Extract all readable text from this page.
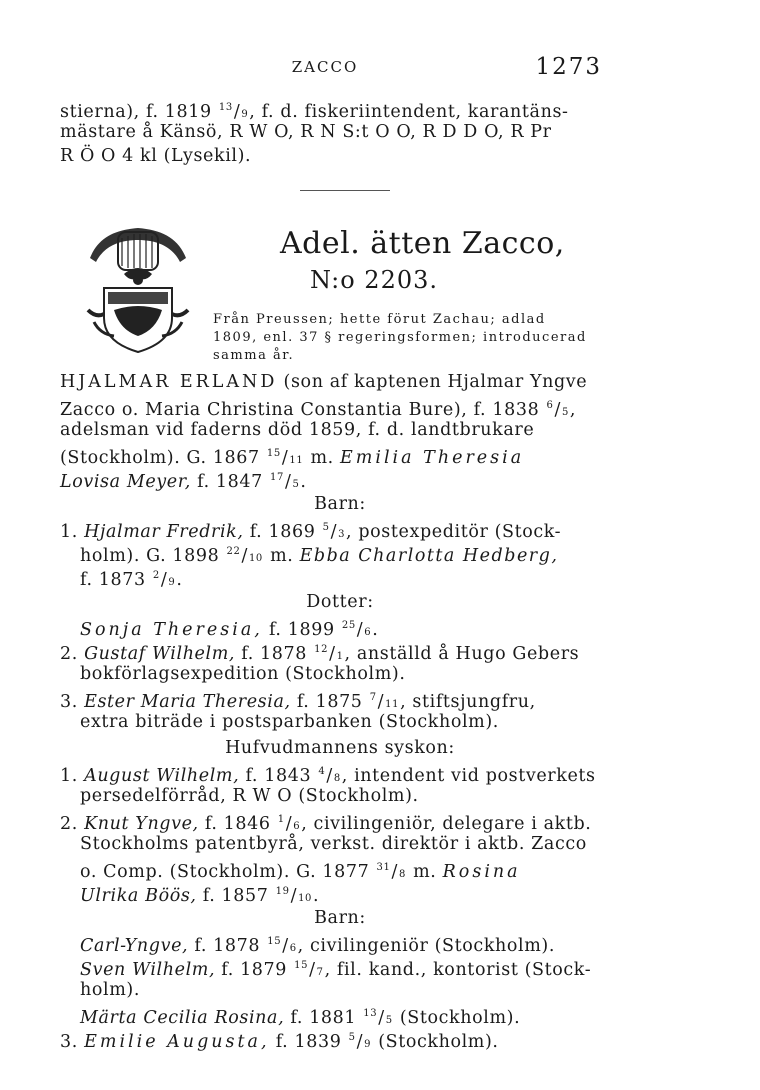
ZACCO	1273
stierna), f. 1819 $^{13}$/9, f. d. fiskeriintendent, karantäns-
mästare å Känsö, R W O, R N S:t O O, R D D O, R Pr
R Ö O 4 kl (Lysekil).
Adel. ätten Zacco,
N:o 2203.
Från Preussen; hette förut Zachau; adlad
1809, enl. 37 § regeringsformen; introducerad
samma år.
HJALMAR ERLAND (son af kaptenen Hjalmar Yngve
Zacco o. Maria Christina Constantia Bure), f. 1838 $^6$/5,
adelsman vid faderns död 1859, f. d. landtbrukare
(Stockholm). G. 1867 $^{15}$/11 m. Emilia Theresia
Lovisa Meyer, f. 1847 $^{17}$/5.
Barn:
1. Hjalmar Fredrik, f. 1869 $^5$/3, postexpeditör (Stock-
holm). G. 1898 $^{22}$/10 m. Ebba Charlotta Hedberg,
f. 1873 $^2$/9.
Dotter:
Sonja Theresia, f. 1899 $^{25}$/6.
2. Gustaf Wilhelm, f. 1878 $^{12}$/1, anställd å Hugo Gebers
bokförlagsexpedition (Stockholm).
3. Ester Maria Theresia, f. 1875 $^7$/11, stiftsjungfru,
extra biträde i postsparbanken (Stockholm).
Hufvudmannens syskon:
1. August Wilhelm, f. 1843 $^4$/8, intendent vid postverkets
persedelförråd, R W O (Stockholm).
2. Knut Yngve, f. 1846 $^1$/6, civilingeniör, delegare i aktb.
Stockholms patentbyrå, verkst. direktör i aktb. Zacco
o. Comp. (Stockholm). G. 1877 $^{31}$/8 m. Rosina
Ulrika Böös, f. 1857 $^{19}$/10.
Barn:
Carl-Yngve, f. 1878 $^{15}$/6, civilingeniör (Stockholm).
Sven Wilhelm, f. 1879 $^{15}$/7, fil. kand., kontorist (Stock-
holm).
Märta Cecilia Rosina, f. 1881 $^{13}$/5 (Stockholm).
3. Emilie Augusta, f. 1839 $^5$/9 (Stockholm).
